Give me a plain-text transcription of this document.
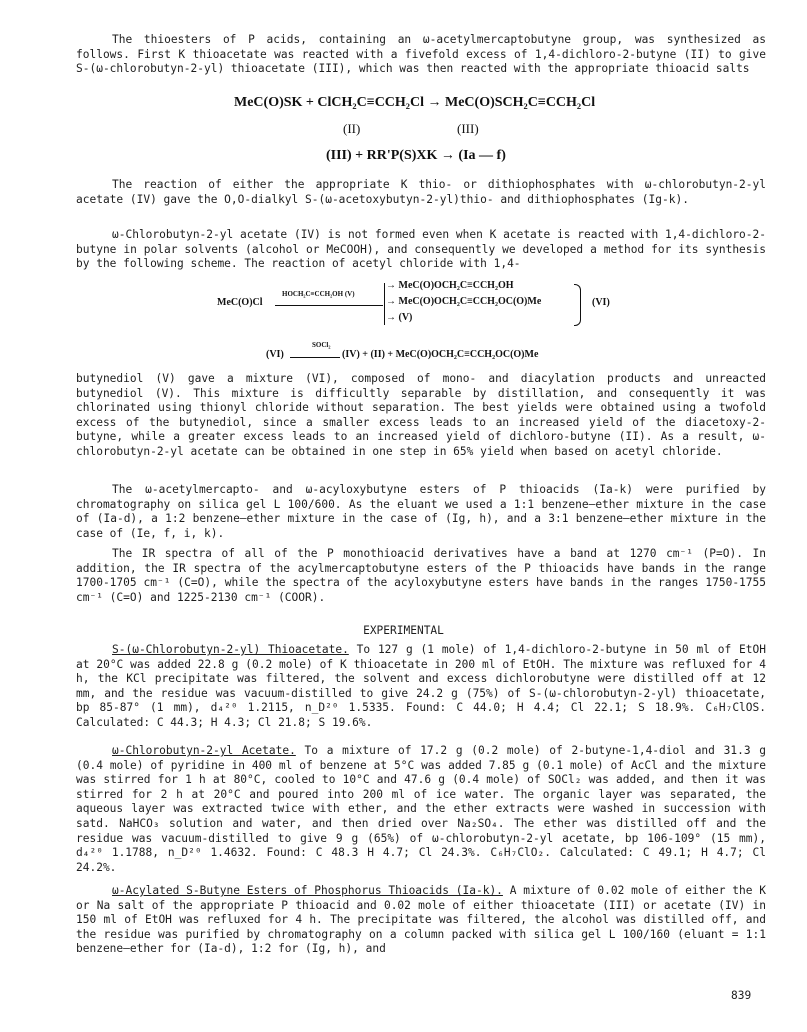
The thioesters of P acids, containing an ω-acetylmercaptobutyne group, was synthesized as follows. First K thioacetate was reacted with a fivefold excess of 1,4-dichloro-2-butyne (II) to give S-(ω-chlorobutyn-2-yl) thioacetate (III), which was then reacted with the appropriate thioacid salts
MeC(O)SK + ClCH₂C≡CCH₂Cl → MeC(O)SCH₂C≡CCH₂Cl
(II)	(III)
(III) + RR'P(S)XK → (Ia — f)
The reaction of either the appropriate K thio- or dithiophosphates with ω-chlorobutyn-2-yl acetate (IV) gave the O,O-dialkyl S-(ω-acetoxybutyn-2-yl)thio- and dithiophosphates (Ig-k).
ω-Chlorobutyn-2-yl acetate (IV) is not formed even when K acetate is reacted with 1,4-dichloro-2-butyne in polar solvents (alcohol or MeCOOH), and consequently we developed a method for its synthesis by the following scheme. The reaction of acetyl chloride with 1,4-
MeC(O)Cl
HOCH₂C≡CCH₂OH (V)
→ MeC(O)OCH₂C≡CCH₂OH
→ MeC(O)OCH₂C≡CCH₂OC(O)Me
→ (V)
(VI)
(VI)
SOCl₂
(IV) + (II) + MeC(O)OCH₂C≡CCH₂OC(O)Me
butynediol (V) gave a mixture (VI), composed of mono- and diacylation products and unreacted butynediol (V). This mixture is difficultly separable by distillation, and consequently it was chlorinated using thionyl chloride without separation. The best yields were obtained using a twofold excess of the butynediol, since a smaller excess leads to an increased yield of the diacetoxy-2-butyne, while a greater excess leads to an increased yield of dichloro-butyne (II). As a result, ω-chlorobutyn-2-yl acetate can be obtained in one step in 65% yield when based on acetyl chloride.
The ω-acetylmercapto- and ω-acyloxybutyne esters of P thioacids (Ia-k) were purified by chromatography on silica gel L 100/600. As the eluant we used a 1:1 benzene—ether mixture in the case of (Ia-d), a 1:2 benzene—ether mixture in the case of (Ig, h), and a 3:1 benzene—ether mixture in the case of (Ie, f, i, k).
The IR spectra of all of the P monothioacid derivatives have a band at 1270 cm⁻¹ (P=O). In addition, the IR spectra of the acylmercaptobutyne esters of the P thioacids have bands in the range 1700-1705 cm⁻¹ (C=O), while the spectra of the acyloxybutyne esters have bands in the ranges 1750-1755 cm⁻¹ (C=O) and 1225-2130 cm⁻¹ (COOR).
EXPERIMENTAL
S-(ω-Chlorobutyn-2-yl) Thioacetate. To 127 g (1 mole) of 1,4-dichloro-2-butyne in 50 ml of EtOH at 20°C was added 22.8 g (0.2 mole) of K thioacetate in 200 ml of EtOH. The mixture was refluxed for 4 h, the KCl precipitate was filtered, the solvent and excess dichlorobutyne were distilled off at 12 mm, and the residue was vacuum-distilled to give 24.2 g (75%) of S-(ω-chlorobutyn-2-yl) thioacetate, bp 85-87° (1 mm), d₄²⁰ 1.2115, n_D²⁰ 1.5335. Found: C 44.0; H 4.4; Cl 22.1; S 18.9%. C₆H₇ClOS. Calculated: C 44.3; H 4.3; Cl 21.8; S 19.6%.
ω-Chlorobutyn-2-yl Acetate. To a mixture of 17.2 g (0.2 mole) of 2-butyne-1,4-diol and 31.3 g (0.4 mole) of pyridine in 400 ml of benzene at 5°C was added 7.85 g (0.1 mole) of AcCl and the mixture was stirred for 1 h at 80°C, cooled to 10°C and 47.6 g (0.4 mole) of SOCl₂ was added, and then it was stirred for 2 h at 20°C and poured into 200 ml of ice water. The organic layer was separated, the aqueous layer was extracted twice with ether, and the ether extracts were washed in succession with satd. NaHCO₃ solution and water, and then dried over Na₂SO₄. The ether was distilled off and the residue was vacuum-distilled to give 9 g (65%) of ω-chlorobutyn-2-yl acetate, bp 106-109° (15 mm), d₄²⁰ 1.1788, n_D²⁰ 1.4632. Found: C 48.3 H 4.7; Cl 24.3%. C₆H₇ClO₂. Calculated: C 49.1; H 4.7; Cl 24.2%.
ω-Acylated S-Butyne Esters of Phosphorus Thioacids (Ia-k). A mixture of 0.02 mole of either the K or Na salt of the appropriate P thioacid and 0.02 mole of either thioacetate (III) or acetate (IV) in 150 ml of EtOH was refluxed for 4 h. The precipitate was filtered, the alcohol was distilled off, and the residue was purified by chromatography on a column packed with silica gel L 100/160 (eluant = 1:1 benzene—ether for (Ia-d), 1:2 for (Ig, h), and
839
